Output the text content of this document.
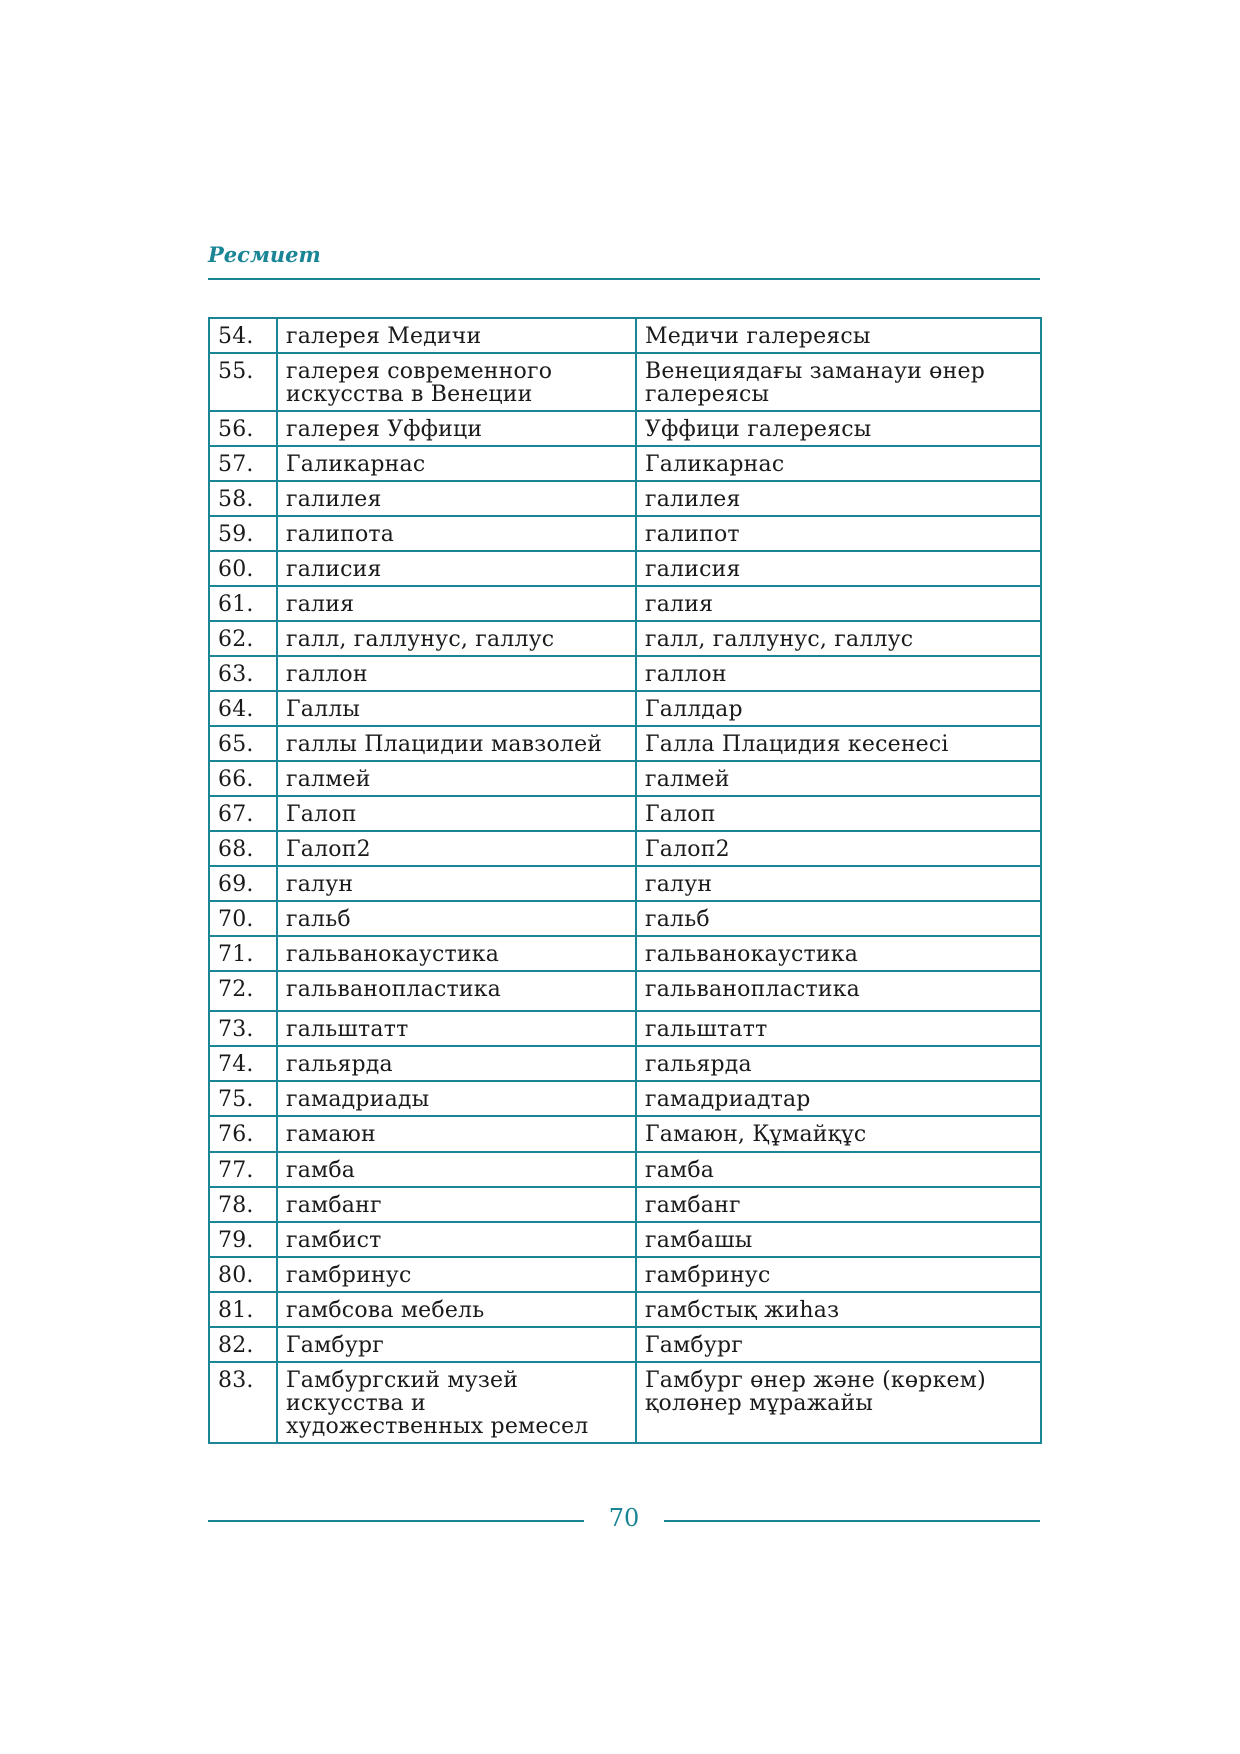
Ресмиет
54.	галерея Медичи	Медичи галереясы
55.	галерея современного искусства в Венеции	Венециядағы заманауи өнер галереясы
56.	галерея Уффици	Уффици галереясы
57.	Галикарнас	Галикарнас
58.	галилея	галилея
59.	галипота	галипот
60.	галисия	галисия
61.	галия	галия
62.	галл, галлунус, галлус	галл, галлунус, галлус
63.	галлон	галлон
64.	Галлы	Галлдар
65.	галлы Плацидии мавзолей	Галла Плацидия кесенесі
66.	галмей	галмей
67.	Галоп	Галоп
68.	Галоп2	Галоп2
69.	галун	галун
70.	гальб	гальб
71.	гальванокаустика	гальванокаустика
72.	гальванопластика	гальванопластика
73.	гальштатт	гальштатт
74.	гальярда	гальярда
75.	гамадриады	гамадриадтар
76.	гамаюн	Гамаюн, Құмайқұс
77.	гамба	гамба
78.	гамбанг	гамбанг
79.	гамбист	гамбашы
80.	гамбринус	гамбринус
81.	гамбсова мебель	гамбстық жиһаз
82.	Гамбург	Гамбург
83.	Гамбургский музей искусства и художественных ремесел	Гамбург өнер және (көркем) қолөнер мұражайы
70
